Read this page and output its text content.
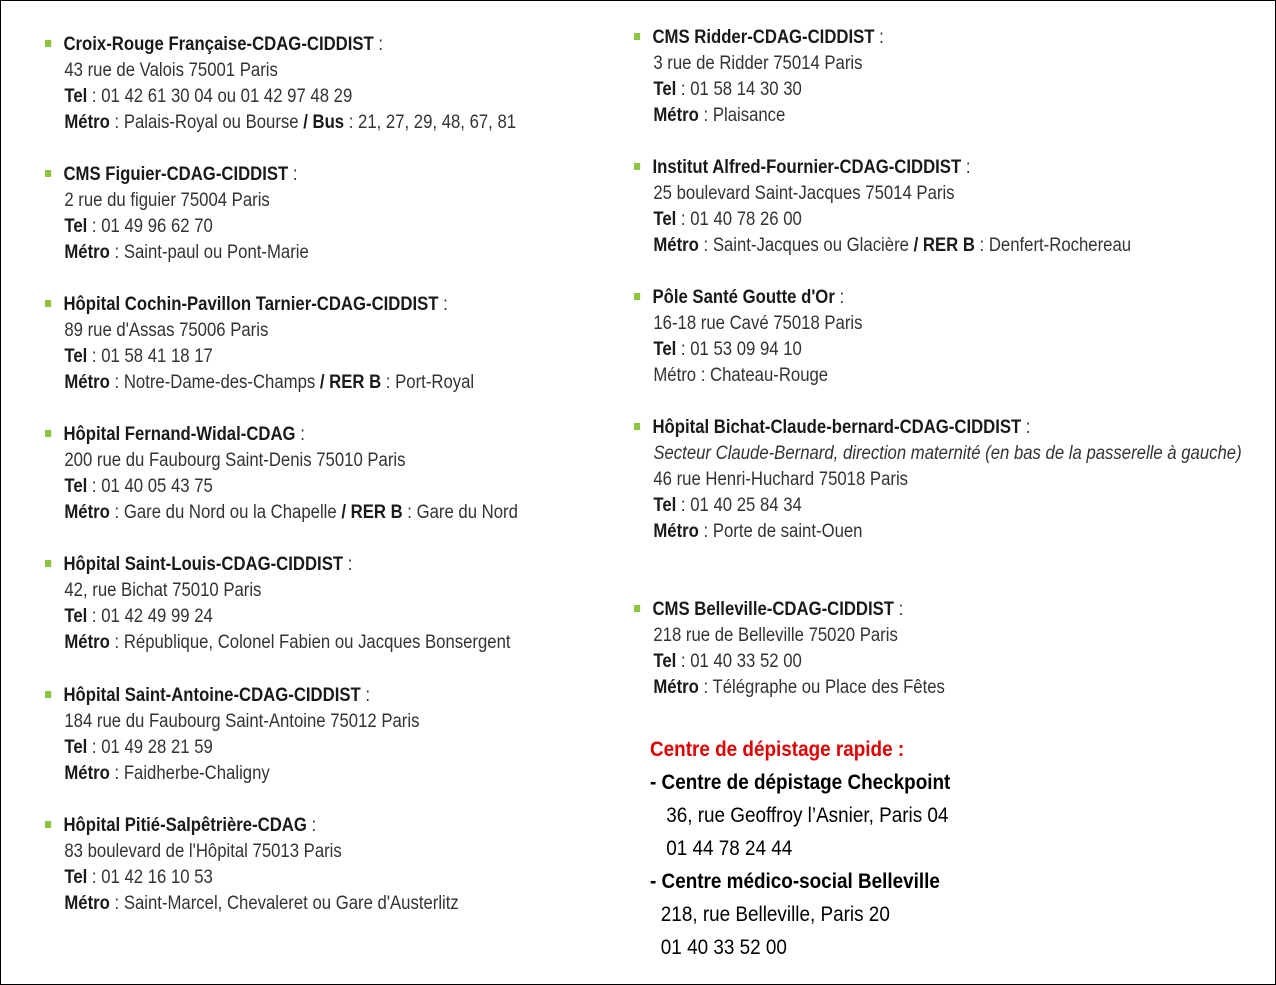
Croix-Rouge Française-CDAG-CIDDIST :
43 rue de Valois 75001 Paris
Tel : 01 42 61 30 04 ou 01 42 97 48 29
Métro : Palais-Royal ou Bourse / Bus : 21, 27, 29, 48, 67, 81
CMS Figuier-CDAG-CIDDIST :
2 rue du figuier 75004 Paris
Tel : 01 49 96 62 70
Métro : Saint-paul ou Pont-Marie
Hôpital Cochin-Pavillon Tarnier-CDAG-CIDDIST :
89 rue d'Assas 75006 Paris
Tel : 01 58 41 18 17
Métro : Notre-Dame-des-Champs / RER B : Port-Royal
Hôpital Fernand-Widal-CDAG :
200 rue du Faubourg Saint-Denis 75010 Paris
Tel : 01 40 05 43 75
Métro : Gare du Nord ou la Chapelle / RER B : Gare du Nord
Hôpital Saint-Louis-CDAG-CIDDIST :
42, rue Bichat 75010 Paris
Tel : 01 42 49 99 24
Métro : République, Colonel Fabien ou Jacques Bonsergent
Hôpital Saint-Antoine-CDAG-CIDDIST :
184 rue du Faubourg Saint-Antoine 75012 Paris
Tel : 01 49 28 21 59
Métro : Faidherbe-Chaligny
Hôpital Pitié-Salpêtrière-CDAG :
83 boulevard de l'Hôpital 75013 Paris
Tel : 01 42 16 10 53
Métro : Saint-Marcel, Chevaleret ou Gare d'Austerlitz
CMS Ridder-CDAG-CIDDIST :
3 rue de Ridder 75014 Paris
Tel : 01 58 14 30 30
Métro : Plaisance
Institut Alfred-Fournier-CDAG-CIDDIST :
25 boulevard Saint-Jacques 75014 Paris
Tel : 01 40 78 26 00
Métro : Saint-Jacques ou Glacière / RER B : Denfert-Rochereau
Pôle Santé Goutte d'Or :
16-18 rue Cavé 75018 Paris
Tel : 01 53 09 94 10
Métro : Chateau-Rouge
Hôpital Bichat-Claude-bernard-CDAG-CIDDIST :
Secteur Claude-Bernard, direction maternité (en bas de la passerelle à gauche)
46 rue Henri-Huchard 75018 Paris
Tel : 01 40 25 84 34
Métro : Porte de saint-Ouen
CMS Belleville-CDAG-CIDDIST :
218 rue de Belleville 75020 Paris
Tel : 01 40 33 52 00
Métro : Télégraphe ou Place des Fêtes
Centre de dépistage rapide :
- Centre de dépistage Checkpoint
36, rue Geoffroy l’Asnier, Paris 04
01 44 78 24 44
- Centre médico-social Belleville
218, rue Belleville, Paris 20
01 40 33 52 00
